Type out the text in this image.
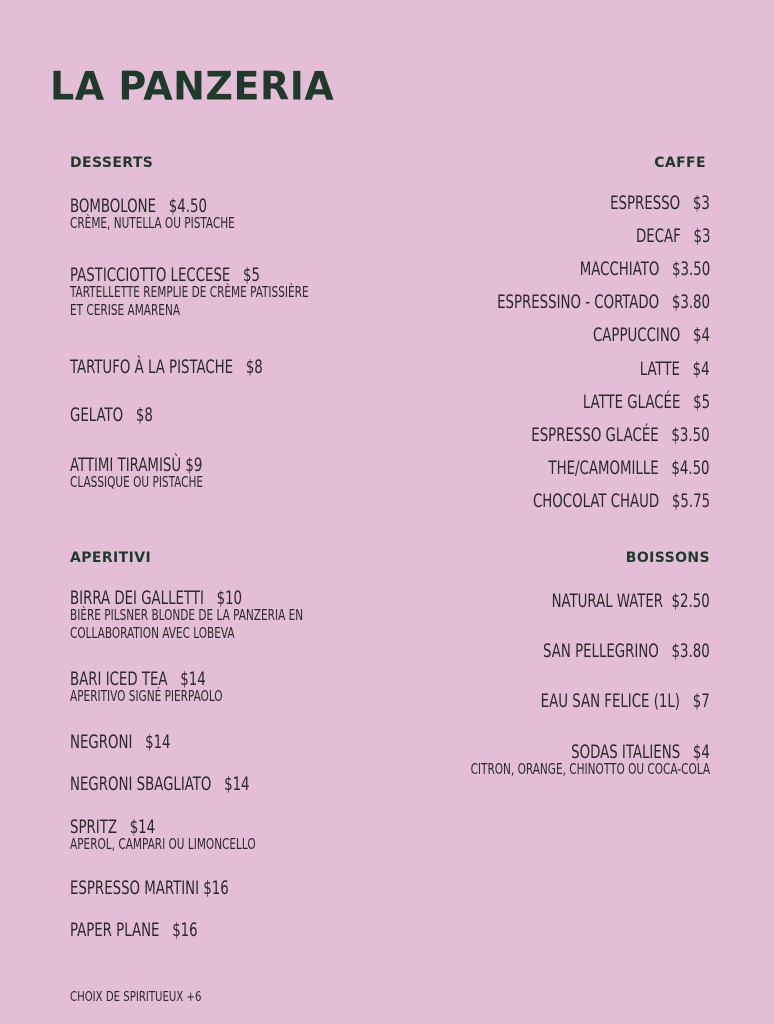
LA PANZERIA
DESSERTS
BOMBOLONE $4.50
CRÈME, NUTELLA OU PISTACHE
PASTICCIOTTO LECCESE $5
TARTELLETTE REMPLIE DE CRÈME PATISSIÈRE
ET CERISE AMARENA
TARTUFO À LA PISTACHE $8
GELATO $8
ATTIMI TIRAMISÙ $9
CLASSIQUE OU PISTACHE
CAFFE
ESPRESSO $3
DECAF $3
MACCHIATO $3.50
ESPRESSINO - CORTADO $3.80
CAPPUCCINO $4
LATTE $4
LATTE GLACÉE $5
ESPRESSO GLACÉE $3.50
THE/CAMOMILLE $4.50
CHOCOLAT CHAUD $5.75
APERITIVI
BIRRA DEI GALLETTI $10
BIÈRE PILSNER BLONDE DE LA PANZERIA EN
COLLABORATION AVEC LOBEVA
BARI ICED TEA $14
APERITIVO SIGNÉ PIERPAOLO
NEGRONI $14
NEGRONI SBAGLIATO $14
SPRITZ $14
APEROL, CAMPARI OU LIMONCELLO
ESPRESSO MARTINI $16
PAPER PLANE $16
BOISSONS
NATURAL WATER $2.50
SAN PELLEGRINO $3.80
EAU SAN FELICE (1L) $7
SODAS ITALIENS $4
CITRON, ORANGE, CHINOTTO OU COCA-COLA
CHOIX DE SPIRITUEUX +6
